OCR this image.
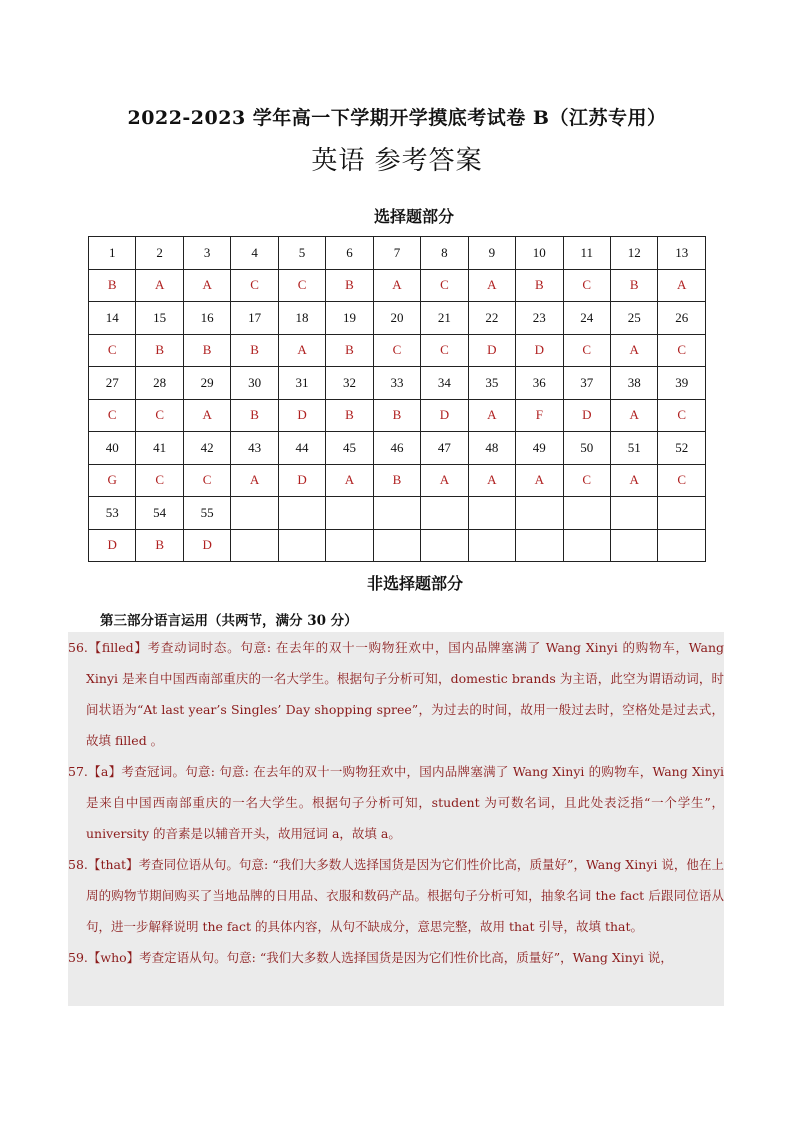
2022-2023 学年高一下学期开学摸底考试卷 B（江苏专用）
英语 参考答案
选择题部分
1	2	3	4	5	6	7	8	9	10	11	12	13
B	A	A	C	C	B	A	C	A	B	C	B	A
14	15	16	17	18	19	20	21	22	23	24	25	26
C	B	B	B	A	B	C	C	D	D	C	A	C
27	28	29	30	31	32	33	34	35	36	37	38	39
C	C	A	B	D	B	B	D	A	F	D	A	C
40	41	42	43	44	45	46	47	48	49	50	51	52
G	C	C	A	D	A	B	A	A	A	C	A	C
53	54	55										
D	B	D										
非选择题部分
第三部分语言运用（共两节，满分 30 分）

56.【filled】考查动词时态。句意: 在去年的双十一购物狂欢中，国内品牌塞满了 Wang Xinyi 的购物车，Wang Xinyi 是来自中国西南部重庆的一名大学生。根据句子分析可知，domestic brands 为主语，此空为谓语动词，时间状语为“At last year’s Singles’ Day shopping spree”，为过去的时间，故用一般过去时，空格处是过去式，故填 filled 。

57.【a】考查冠词。句意: 句意: 在去年的双十一购物狂欢中，国内品牌塞满了 Wang Xinyi 的购物车，Wang Xinyi 是来自中国西南部重庆的一名大学生。根据句子分析可知，student 为可数名词，且此处表泛指“一个学生”，university 的音素是以辅音开头，故用冠词 a，故填 a。

58.【that】考查同位语从句。句意: “我们大多数人选择国货是因为它们性价比高，质量好”，Wang Xinyi 说，他在上周的购物节期间购买了当地品牌的日用品、衣服和数码产品。根据句子分析可知，抽象名词 the fact 后跟同位语从句，进一步解释说明 the fact 的具体内容，从句不缺成分，意思完整，故用 that 引导，故填 that。

59.【who】考查定语从句。句意: “我们大多数人选择国货是因为它们性价比高，质量好”，Wang Xinyi 说，
